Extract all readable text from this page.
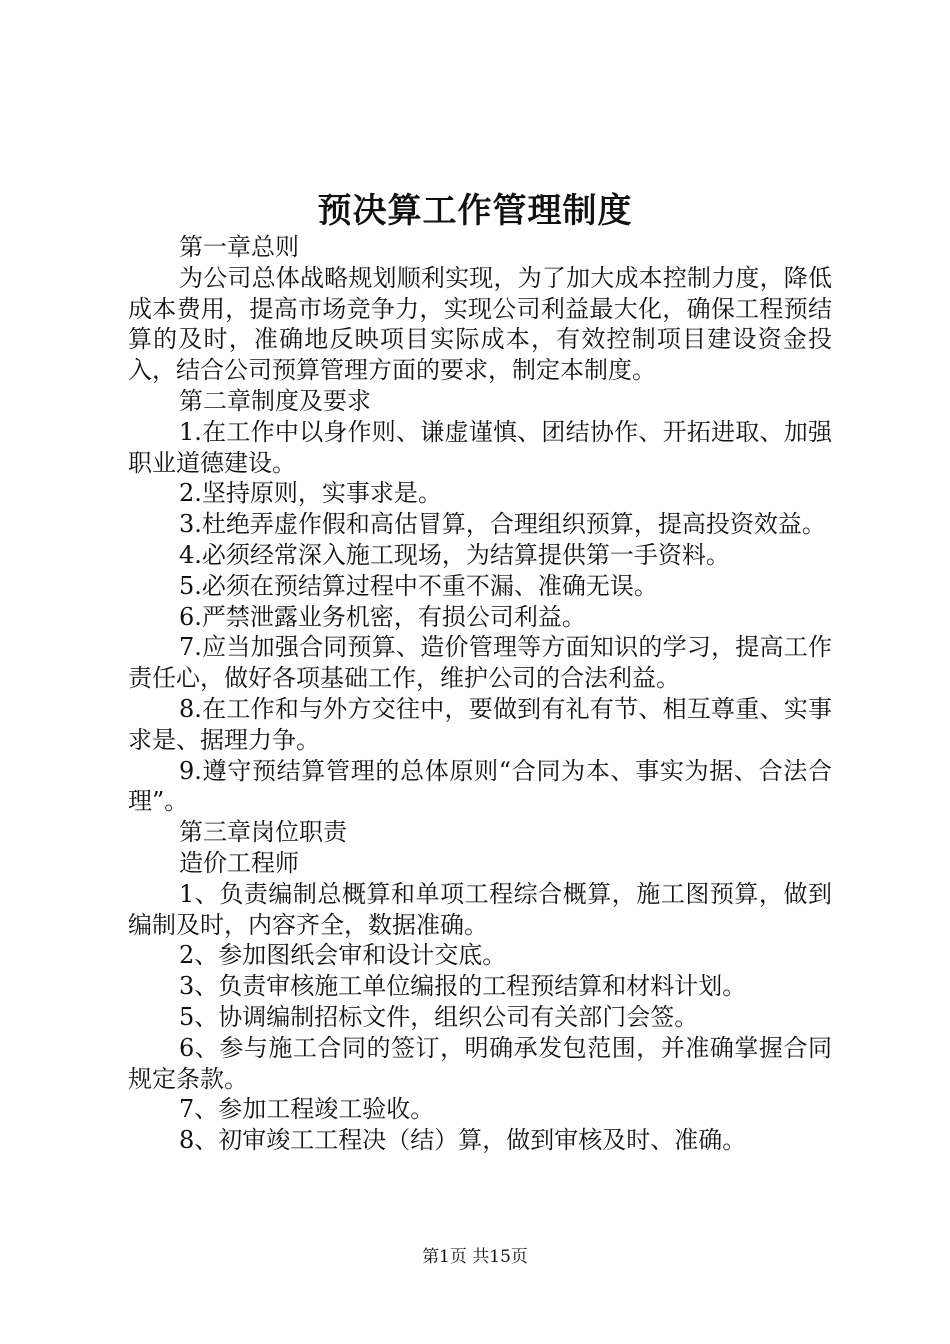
预决算工作管理制度

第一章总则

为公司总体战略规划顺利实现，为了加大成本控制力度，降低成本费用，提高市场竞争力，实现公司利益最大化，确保工程预结算的及时，准确地反映项目实际成本，有效控制项目建设资金投入，结合公司预算管理方面的要求，制定本制度。

第二章制度及要求

1.在工作中以身作则、谦虚谨慎、团结协作、开拓进取、加强职业道德建设。

2.坚持原则，实事求是。

3.杜绝弄虚作假和高估冒算，合理组织预算，提高投资效益。

4.必须经常深入施工现场，为结算提供第一手资料。

5.必须在预结算过程中不重不漏、准确无误。

6.严禁泄露业务机密，有损公司利益。

7.应当加强合同预算、造价管理等方面知识的学习，提高工作责任心，做好各项基础工作，维护公司的合法利益。

8.在工作和与外方交往中，要做到有礼有节、相互尊重、实事求是、据理力争。

9.遵守预结算管理的总体原则“合同为本、事实为据、合法合理”。

第三章岗位职责

造价工程师

1、负责编制总概算和单项工程综合概算，施工图预算，做到编制及时，内容齐全，数据准确。

2、参加图纸会审和设计交底。

3、负责审核施工单位编报的工程预结算和材料计划。

5、协调编制招标文件，组织公司有关部门会签。

6、参与施工合同的签订，明确承发包范围，并准确掌握合同规定条款。

7、参加工程竣工验收。

8、初审竣工工程决（结）算，做到审核及时、准确。

第1页 共15页
